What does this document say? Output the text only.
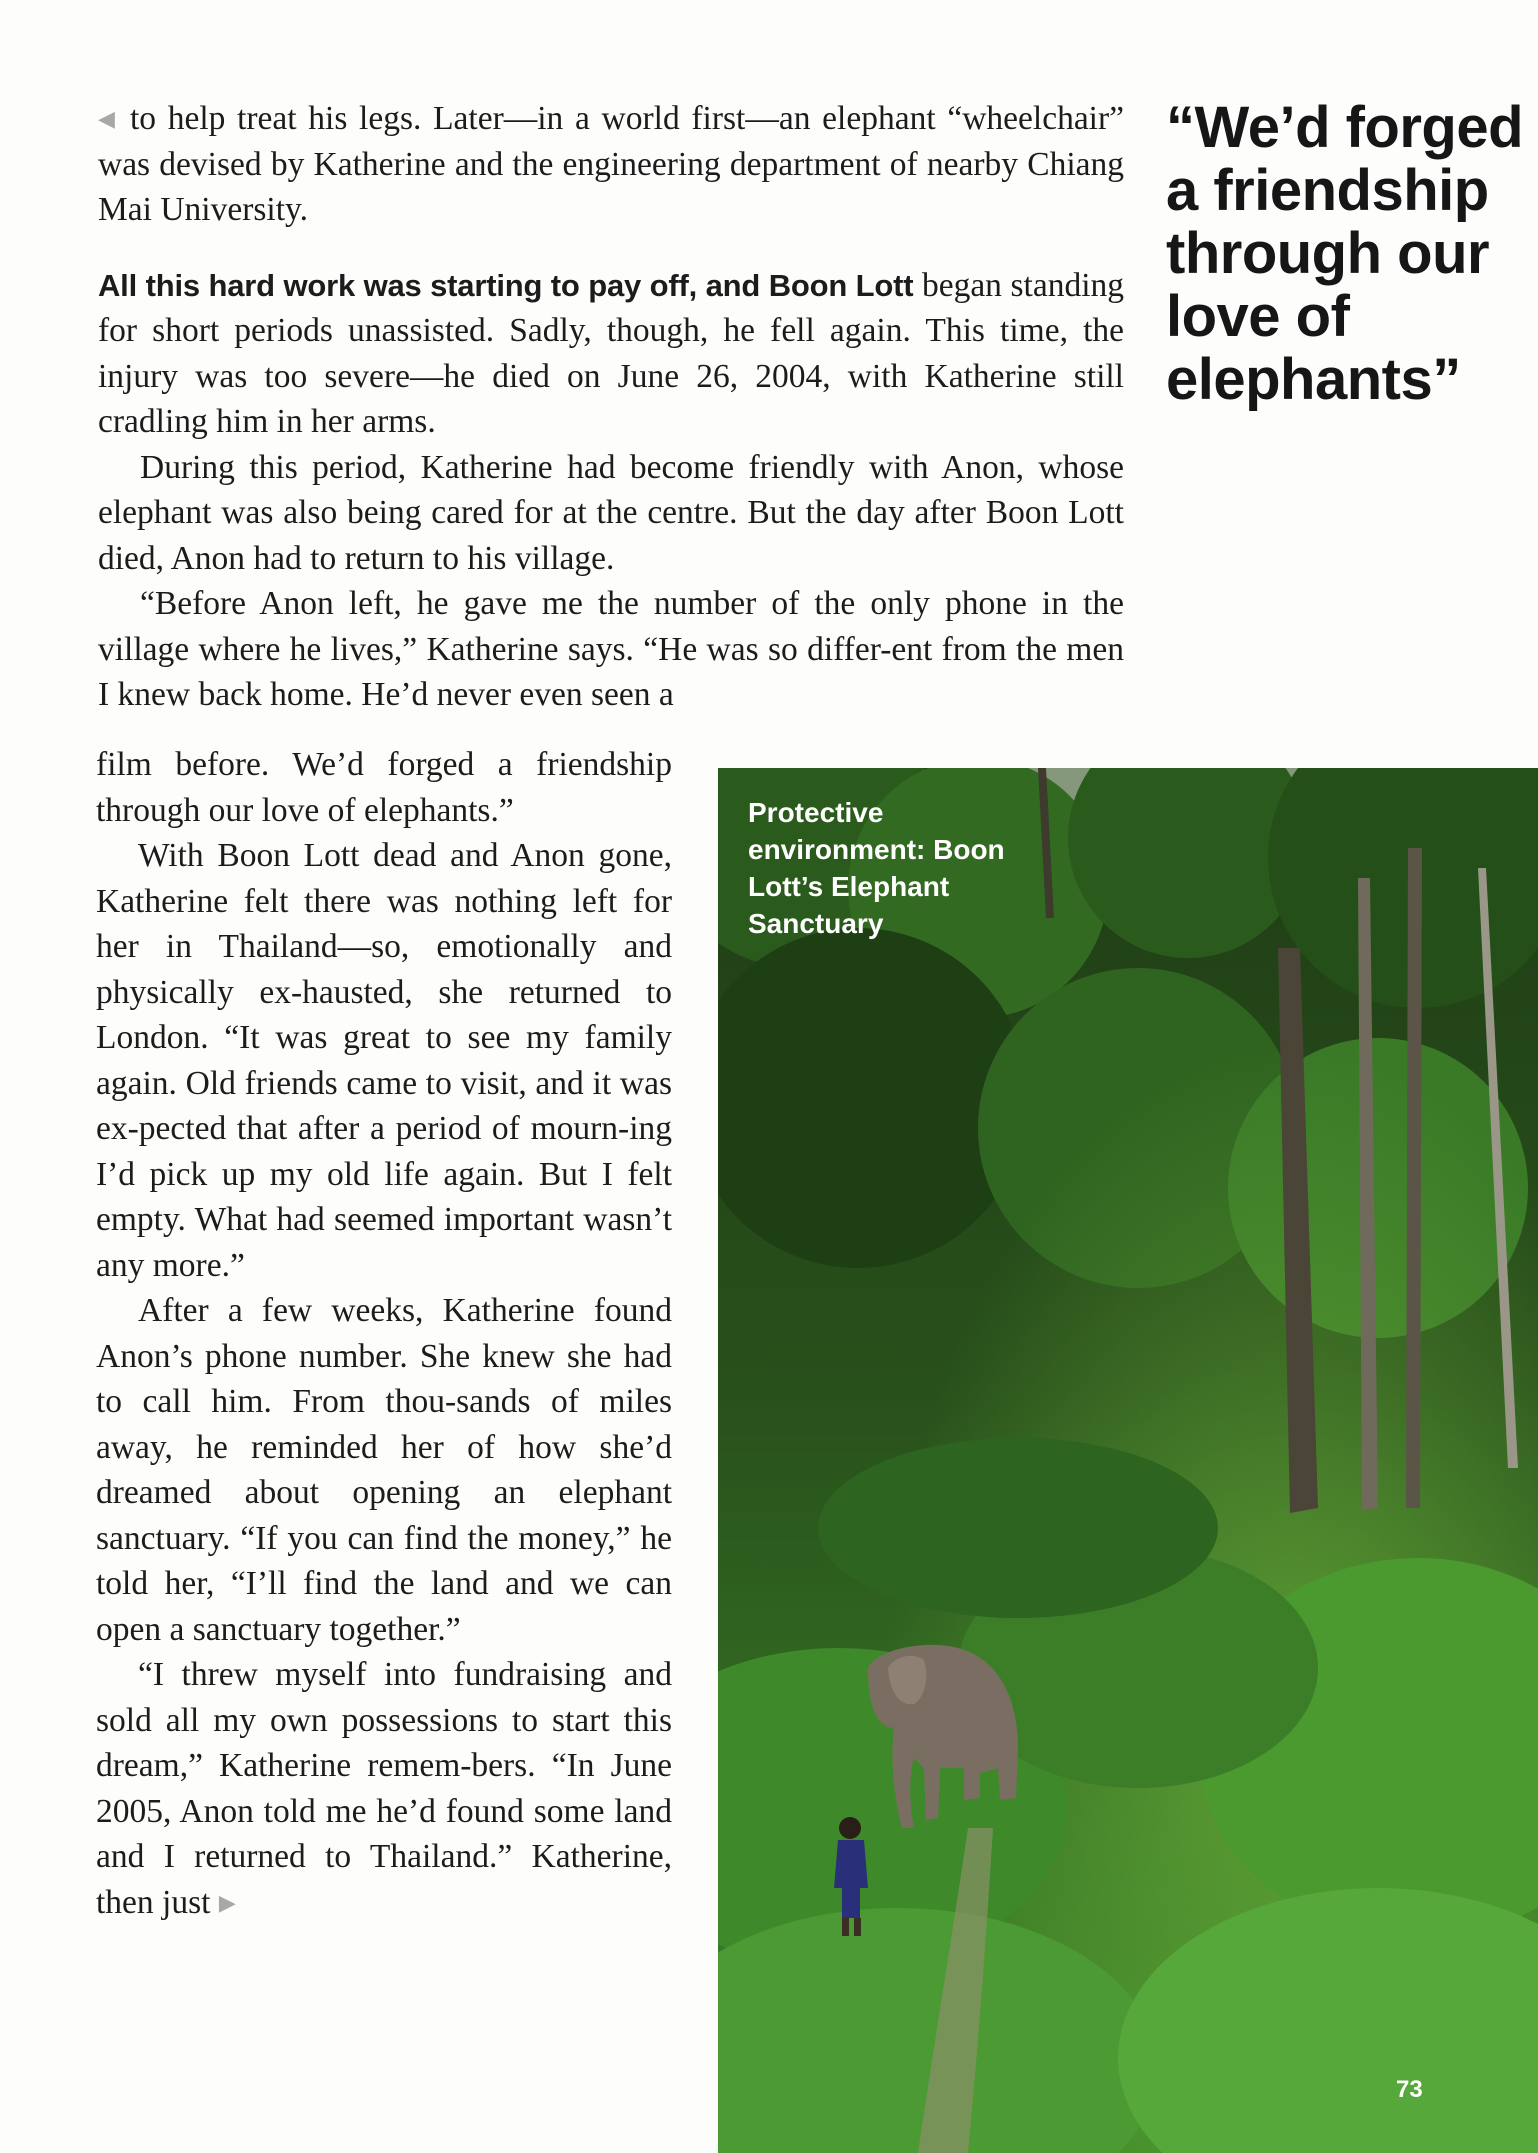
◀ to help treat his legs. Later—in a world first—an elephant “wheelchair” was devised by Katherine and the engineering department of nearby Chiang Mai University.

All this hard work was starting to pay off, and Boon Lott began standing for short periods unassisted. Sadly, though, he fell again. This time, the injury was too severe—he died on June 26, 2004, with Katherine still cradling him in her arms.

During this period, Katherine had become friendly with Anon, whose elephant was also being cared for at the centre. But the day after Boon Lott died, Anon had to return to his village.

“Before Anon left, he gave me the number of the only phone in the village where he lives,” Katherine says. “He was so differ-ent from the men I knew back home. He’d never even seen a

“We’d forged a friendship through our love of elephants”

film before. We’d forged a friendship through our love of elephants.”

With Boon Lott dead and Anon gone, Katherine felt there was nothing left for her in Thailand—so, emotionally and physically ex-hausted, she returned to London. “It was great to see my family again. Old friends came to visit, and it was ex-pected that after a period of mourn-ing I’d pick up my old life again. But I felt empty. What had seemed important wasn’t any more.”

After a few weeks, Katherine found Anon’s phone number. She knew she had to call him. From thou-sands of miles away, he reminded her of how she’d dreamed about opening an elephant sanctuary. “If you can find the money,” he told her, “I’ll find the land and we can open a sanctuary together.”

“I threw myself into fundraising and sold all my own possessions to start this dream,” Katherine remem-bers. “In June 2005, Anon told me he’d found some land and I returned to Thailand.” Katherine, then just ▶

Protective environment: Boon Lott’s Elephant Sanctuary

73
